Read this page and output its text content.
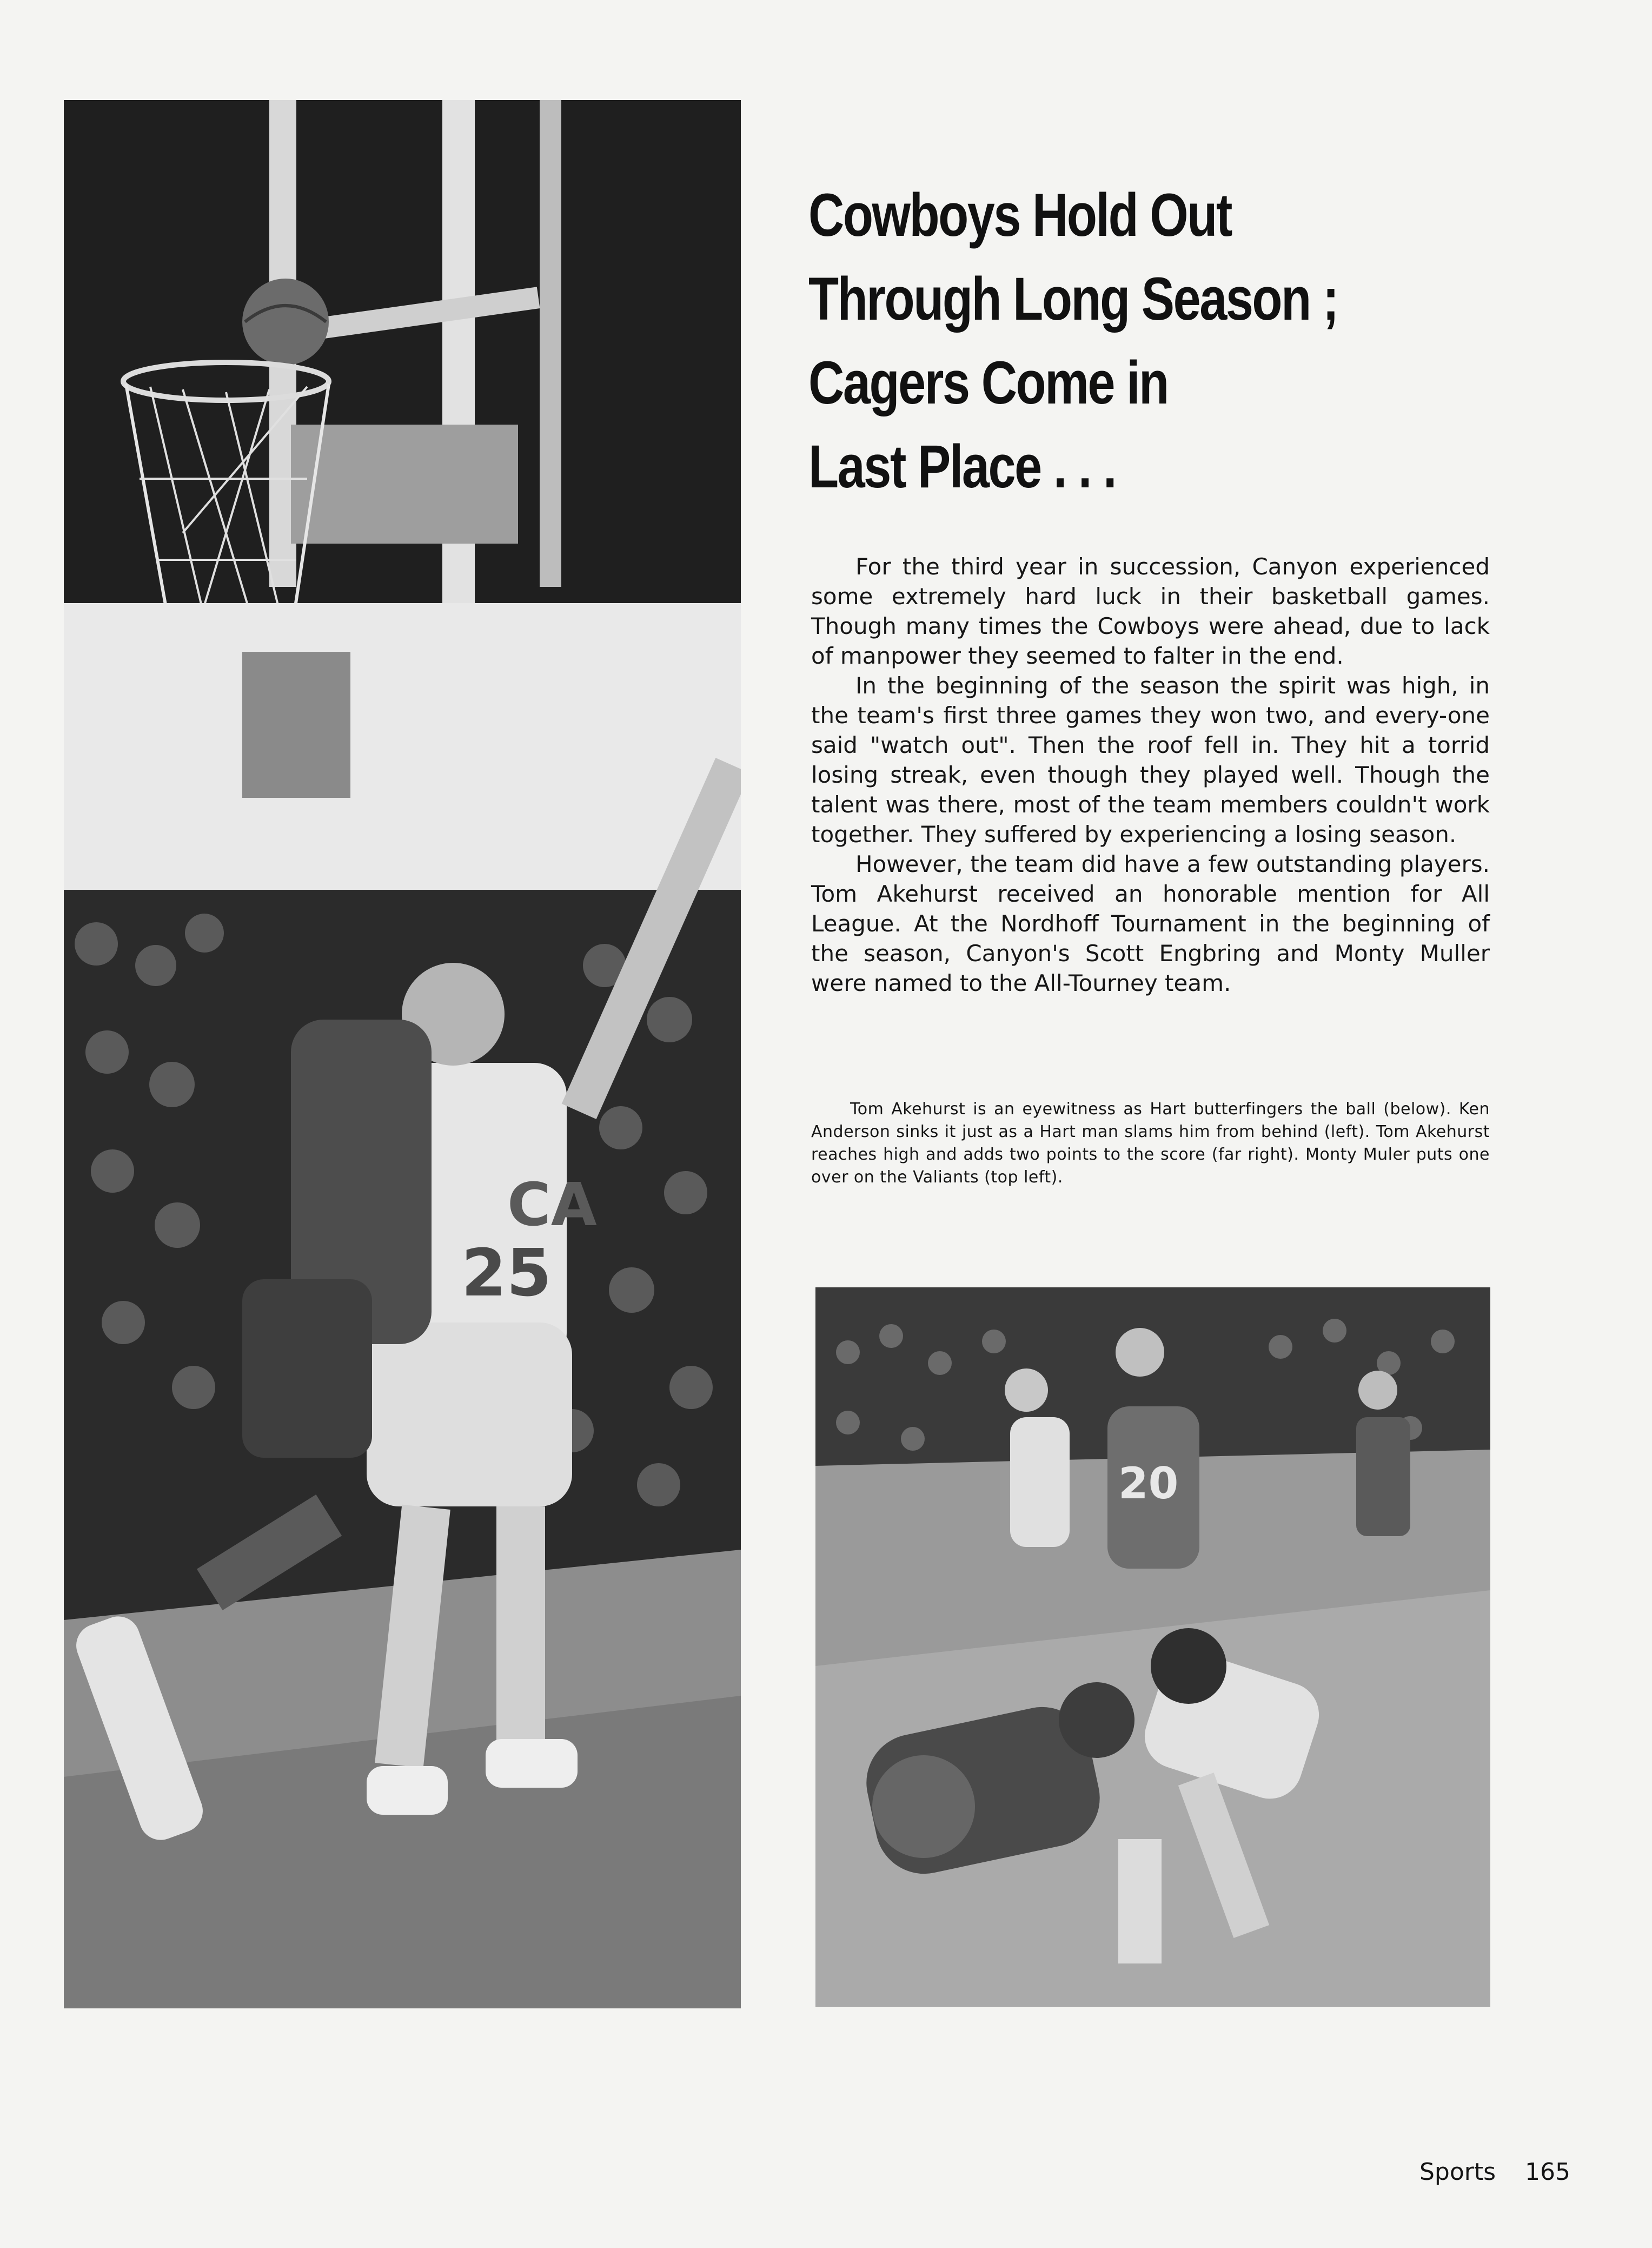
CA
25
Cowboys Hold Out
Through Long Season ;
Cagers Come in
Last Place . . .

For the third year in succession, Canyon experienced some extremely hard luck in their basketball games. Though many times the Cowboys were ahead, due to lack of manpower they seemed to falter in the end.

In the beginning of the season the spirit was high, in the team's first three games they won two, and every-one said "watch out". Then the roof fell in. They hit a torrid losing streak, even though they played well. Though the talent was there, most of the team members couldn't work together. They suffered by experiencing a losing season.

However, the team did have a few outstanding players. Tom Akehurst received an honorable mention for All League. At the Nordhoff Tournament in the beginning of the season, Canyon's Scott Engbring and Monty Muller were named to the All-Tourney team.

Tom Akehurst is an eyewitness as Hart butterfingers the ball (below). Ken Anderson sinks it just as a Hart man slams him from behind (left). Tom Akehurst reaches high and adds two points to the score (far right). Monty Muler puts one over on the Valiants (top left).

20
Sports 165
